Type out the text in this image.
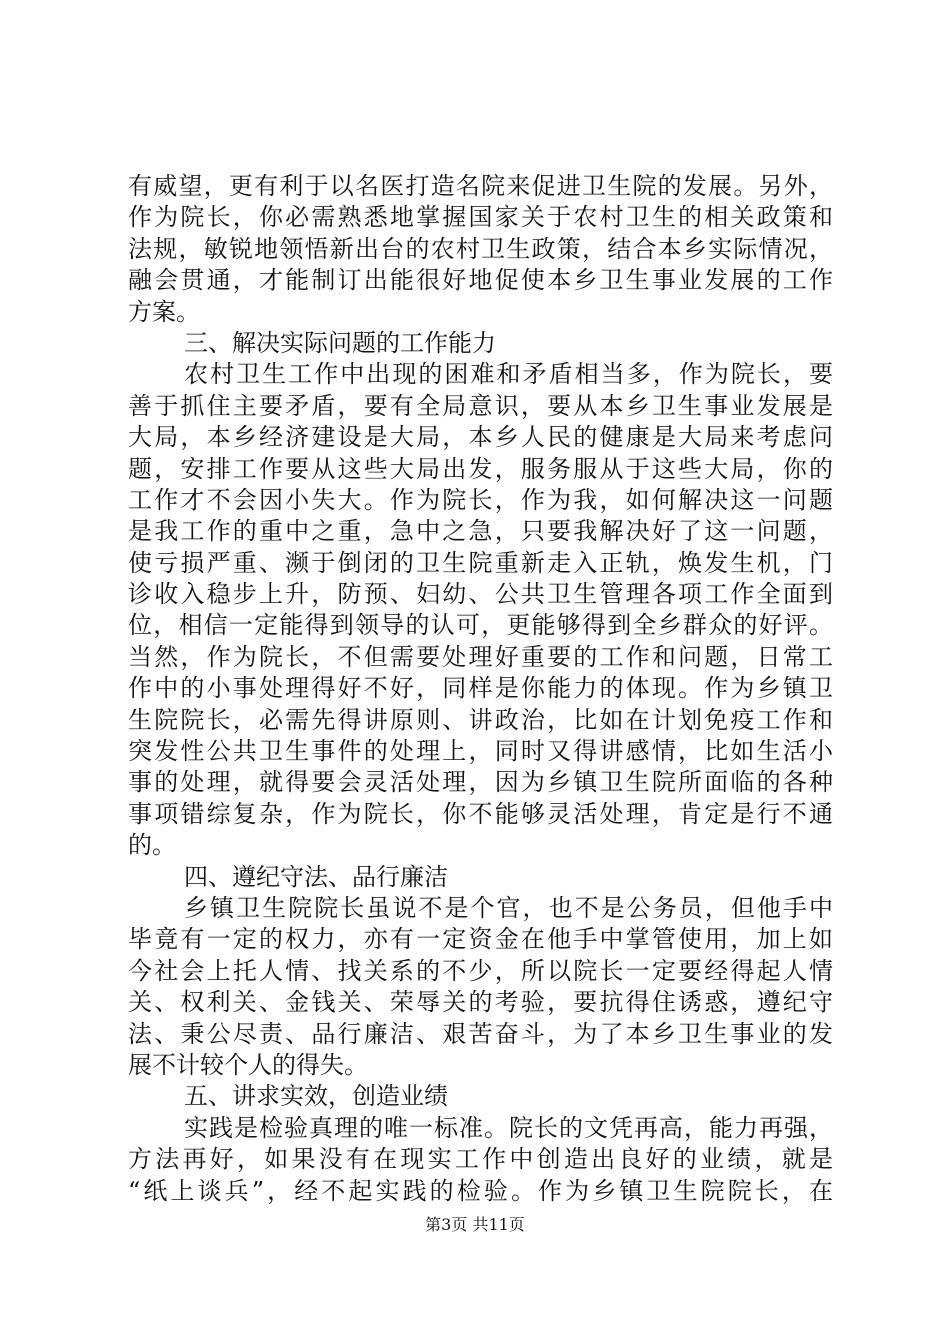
有威望，更有利于以名医打造名院来促进卫生院的发展。另外，
作为院长，你必需熟悉地掌握国家关于农村卫生的相关政策和
法规，敏锐地领悟新出台的农村卫生政策，结合本乡实际情况，
融会贯通，才能制订出能很好地促使本乡卫生事业发展的工作
方案。
三、解决实际问题的工作能力
农村卫生工作中出现的困难和矛盾相当多，作为院长，要
善于抓住主要矛盾，要有全局意识，要从本乡卫生事业发展是
大局，本乡经济建设是大局，本乡人民的健康是大局来考虑问
题，安排工作要从这些大局出发，服务服从于这些大局，你的
工作才不会因小失大。作为院长，作为我，如何解决这一问题
是我工作的重中之重，急中之急，只要我解决好了这一问题，
使亏损严重、濒于倒闭的卫生院重新走入正轨，焕发生机，门
诊收入稳步上升，防预、妇幼、公共卫生管理各项工作全面到
位，相信一定能得到领导的认可，更能够得到全乡群众的好评。
当然，作为院长，不但需要处理好重要的工作和问题，日常工
作中的小事处理得好不好，同样是你能力的体现。作为乡镇卫
生院院长，必需先得讲原则、讲政治，比如在计划免疫工作和
突发性公共卫生事件的处理上，同时又得讲感情，比如生活小
事的处理，就得要会灵活处理，因为乡镇卫生院所面临的各种
事项错综复杂，作为院长，你不能够灵活处理，肯定是行不通
的。
四、遵纪守法、品行廉洁
乡镇卫生院院长虽说不是个官，也不是公务员，但他手中
毕竟有一定的权力，亦有一定资金在他手中掌管使用，加上如
今社会上托人情、找关系的不少，所以院长一定要经得起人情
关、权利关、金钱关、荣辱关的考验，要抗得住诱惑，遵纪守
法、秉公尽责、品行廉洁、艰苦奋斗，为了本乡卫生事业的发
展不计较个人的得失。
五、讲求实效，创造业绩
实践是检验真理的唯一标准。院长的文凭再高，能力再强，
方法再好，如果没有在现实工作中创造出良好的业绩，就是
“纸上谈兵”，经不起实践的检验。作为乡镇卫生院院长，在
第3页 共11页
